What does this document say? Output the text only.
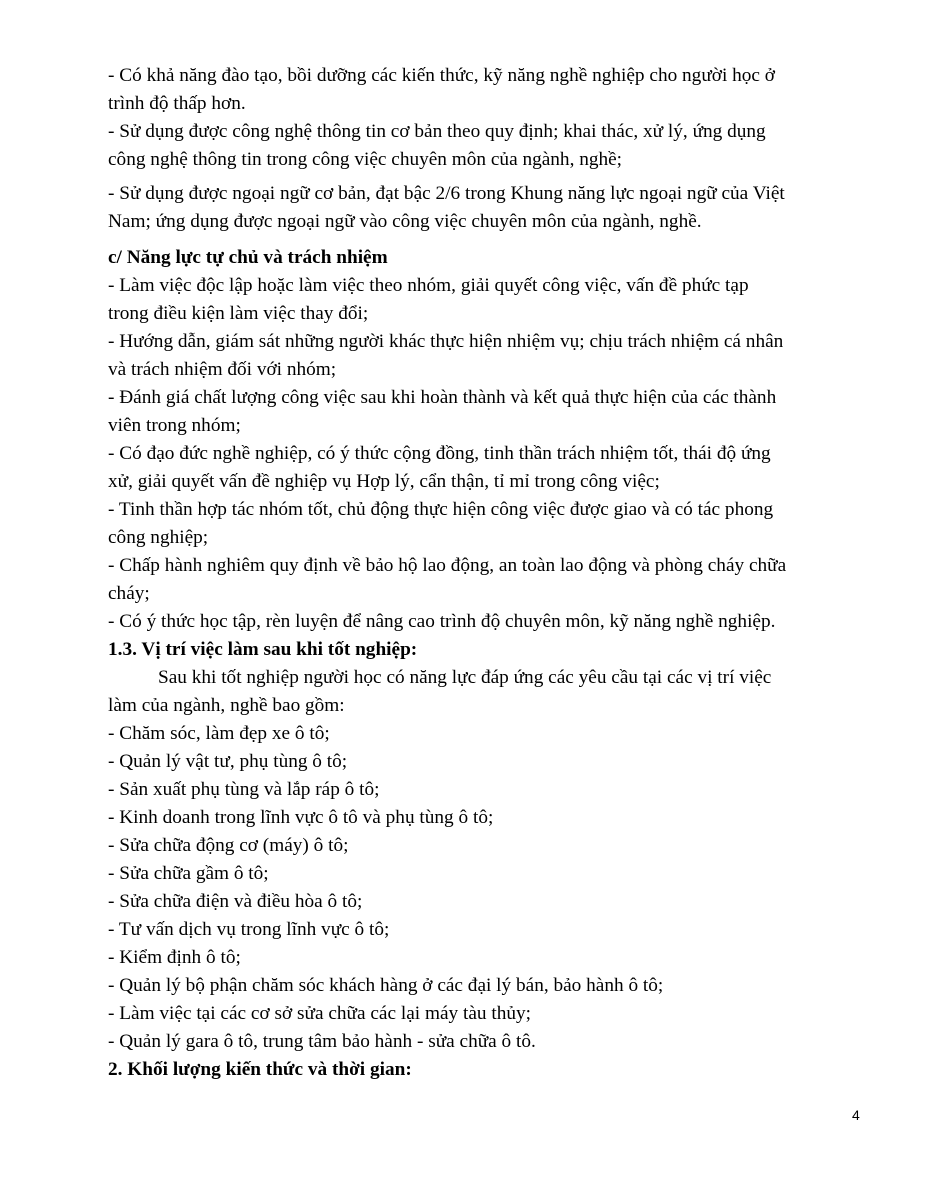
- Có khả năng đào tạo, bồi dưỡng các kiến thức, kỹ năng nghề nghiệp cho người học ở

trình độ thấp hơn.

- Sử dụng được công nghệ thông tin cơ bản theo quy định; khai thác, xử lý, ứng dụng

công nghệ thông tin trong công việc chuyên môn của ngành, nghề;

- Sử dụng được ngoại ngữ cơ bản, đạt bậc 2/6 trong Khung năng lực ngoại ngữ của Việt

Nam; ứng dụng được ngoại ngữ vào công việc chuyên môn của ngành, nghề.

c/ Năng lực tự chủ và trách nhiệm

- Làm việc độc lập hoặc làm việc theo nhóm, giải quyết công việc, vấn đề phức tạp

trong điều kiện làm việc thay đổi;

- Hướng dẫn, giám sát những người khác thực hiện nhiệm vụ; chịu trách nhiệm cá nhân

và trách nhiệm đối với nhóm;

- Đánh giá chất lượng công việc sau khi hoàn thành và kết quả thực hiện của các thành

viên trong nhóm;

- Có đạo đức nghề nghiệp, có ý thức cộng đồng, tinh thần trách nhiệm tốt, thái độ ứng

xử, giải quyết vấn đề nghiệp vụ Hợp lý, cẩn thận, tỉ mỉ trong công việc;

- Tinh thần hợp tác nhóm tốt, chủ động thực hiện công việc được giao và có tác phong

công nghiệp;

- Chấp hành nghiêm quy định về bảo hộ lao động, an toàn lao động và phòng cháy chữa

cháy;

- Có ý thức học tập, rèn luyện để nâng cao trình độ chuyên môn, kỹ năng nghề nghiệp.

1.3. Vị trí việc làm sau khi tốt nghiệp:

Sau khi tốt nghiệp người học có năng lực đáp ứng các yêu cầu tại các vị trí việc

làm của ngành, nghề bao gồm:

- Chăm sóc, làm đẹp xe ô tô;

- Quản lý vật tư, phụ tùng ô tô;

- Sản xuất phụ tùng và lắp ráp ô tô;

- Kinh doanh trong lĩnh vực ô tô và phụ tùng ô tô;

- Sửa chữa động cơ (máy) ô tô;

- Sửa chữa gầm ô tô;

- Sửa chữa điện và điều hòa ô tô;

- Tư vấn dịch vụ trong lĩnh vực ô tô;

- Kiểm định ô tô;

- Quản lý bộ phận chăm sóc khách hàng ở các đại lý bán, bảo hành ô tô;

- Làm việc tại các cơ sở sửa chữa các lại máy tàu thủy;

- Quản lý gara ô tô, trung tâm bảo hành - sửa chữa ô tô.

2. Khối lượng kiến thức và thời gian:

4
